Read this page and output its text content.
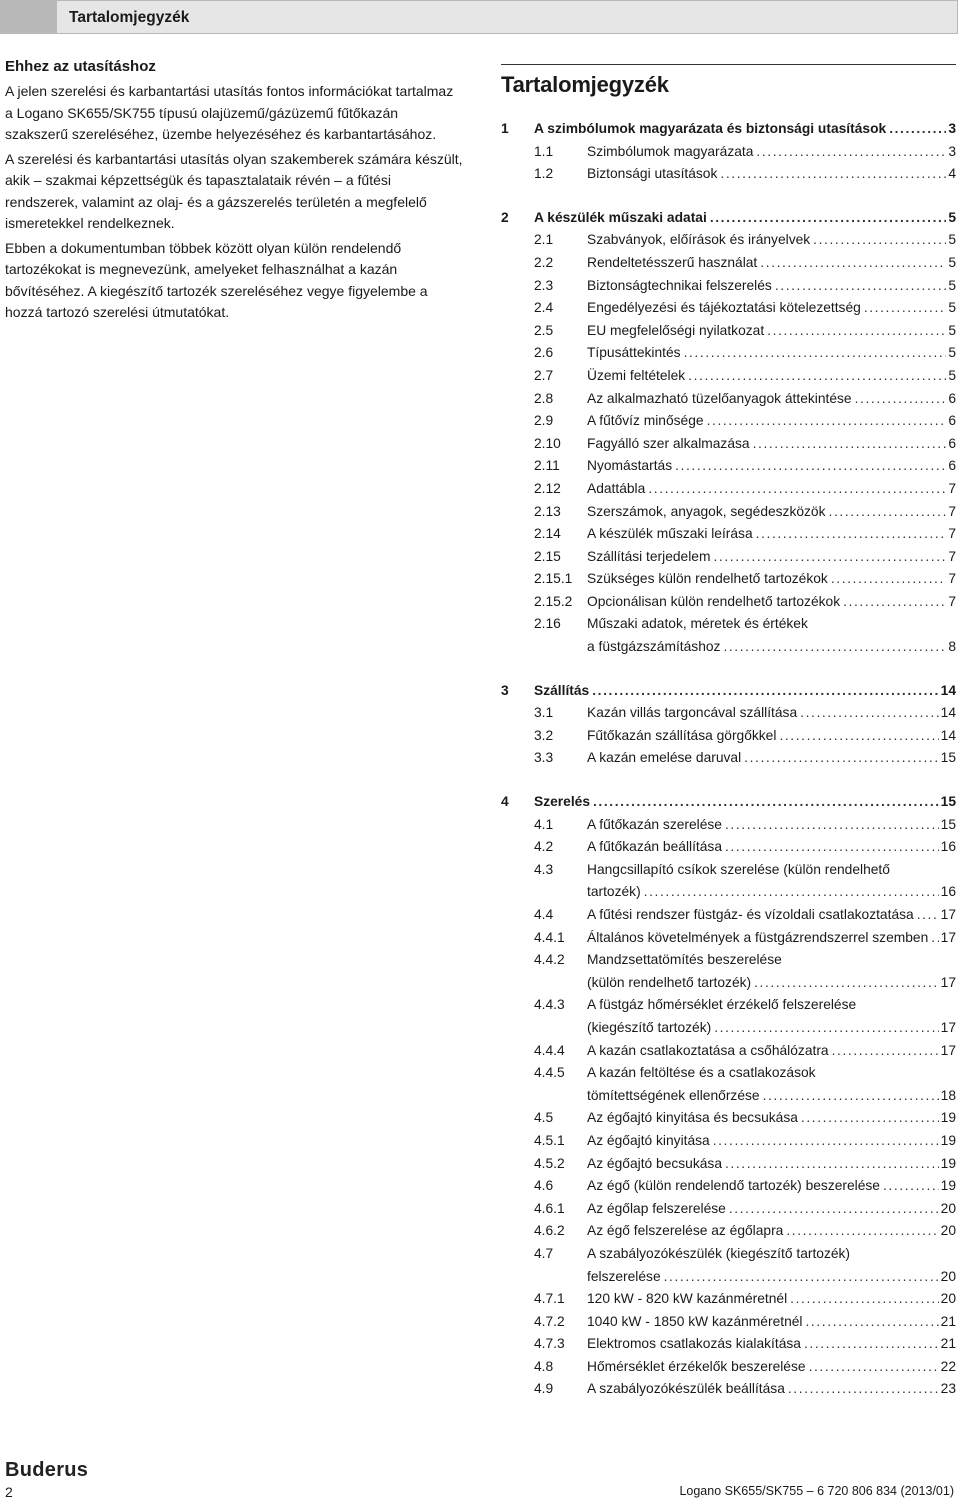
Tartalomjegyzék
Ehhez az utasításhoz

A jelen szerelési és karbantartási utasítás fontos információkat tartalmaz a Logano SK655/SK755 típusú olajüzemű/gázüzemű fűtőkazán szakszerű szereléséhez, üzembe helyezéséhez és karbantartásához.

A szerelési és karbantartási utasítás olyan szakemberek számára készült, akik ‒ szakmai képzettségük és tapasztalataik révén ‒ a fűtési rendszerek, valamint az olaj- és a gázszerelés területén a megfelelő ismeretekkel rendelkeznek.

Ebben a dokumentumban többek között olyan külön rendelendő tartozékokat is megnevezünk, amelyeket felhasználhat a kazán bővítéséhez. A kiegészítő tartozék szereléséhez vegye figyelembe a hozzá tartozó szerelési útmutatókat.

Tartalomjegyzék
1	A szimbólumok magyarázata és biztonsági utasítások .....	3
1.1	Szimbólumok magyarázata .....	3
1.2	Biztonsági utasítások .....	4
2	A készülék műszaki adatai .....	5
2.1	Szabványok, előírások és irányelvek .....	5
2.2	Rendeltetésszerű használat .....	5
2.3	Biztonságtechnikai felszerelés .....	5
2.4	Engedélyezési és tájékoztatási kötelezettség .....	5
2.5	EU megfelelőségi nyilatkozat .....	5
2.6	Típusáttekintés .....	5
2.7	Üzemi feltételek .....	5
2.8	Az alkalmazható tüzelőanyagok áttekintése .....	6
2.9	A fűtővíz minősége .....	6
2.10	Fagyálló szer alkalmazása .....	6
2.11	Nyomástartás .....	6
2.12	Adattábla .....	7
2.13	Szerszámok, anyagok, segédeszközök .....	7
2.14	A készülék műszaki leírása .....	7
2.15	Szállítási terjedelem .....	7
2.15.1	Szükséges külön rendelhető tartozékok .....	7
2.15.2	Opcionálisan külön rendelhető tartozékok .....	7
2.16	Műszaki adatok, méretek és értékek
a füstgázszámításhoz .....	8
3	Szállítás .....	14
3.1	Kazán villás targoncával szállítása .....	14
3.2	Fűtőkazán szállítása görgőkkel .....	14
3.3	A kazán emelése daruval .....	15
4	Szerelés .....	15
4.1	A fűtőkazán szerelése .....	15
4.2	A fűtőkazán beállítása .....	16
4.3	Hangcsillapító csíkok szerelése (külön rendelhető
tartozék) .....	16
4.4	A fűtési rendszer füstgáz- és vízoldali csatlakoztatása ..... 17
4.4.1	Általános követelmények a füstgázrendszerrel szemben ..... 17
4.4.2	Mandzsettatömítés beszerelése
(külön rendelhető tartozék) .....	17
4.4.3	A füstgáz hőmérséklet érzékelő felszerelése
(kiegészítő tartozék) .....	17
4.4.4	A kazán csatlakoztatása a csőhálózatra .....	17
4.4.5	A kazán feltöltése és a csatlakozások
tömítettségének ellenőrzése .....	18
4.5	Az égőajtó kinyitása és becsukása .....	19
4.5.1	Az égőajtó kinyitása .....	19
4.5.2	Az égőajtó becsukása .....	19
4.6	Az égő (külön rendelendő tartozék) beszerelése .....	19
4.6.1	Az égőlap felszerelése .....	20
4.6.2	Az égő felszerelése az égőlapra .....	20
4.7	A szabályozókészülék (kiegészítő tartozék)
felszerelése .....	20
4.7.1	120 kW - 820 kW kazánméretnél .....	20
4.7.2	1040 kW - 1850 kW kazánméretnél .....	21
4.7.3	Elektromos csatlakozás kialakítása .....	21
4.8	Hőmérséklet érzékelők beszerelése .....	22
4.9	A szabályozókészülék beállítása .....	23
Buderus
2	Logano SK655/SK755 – 6 720 806 834 (2013/01)
